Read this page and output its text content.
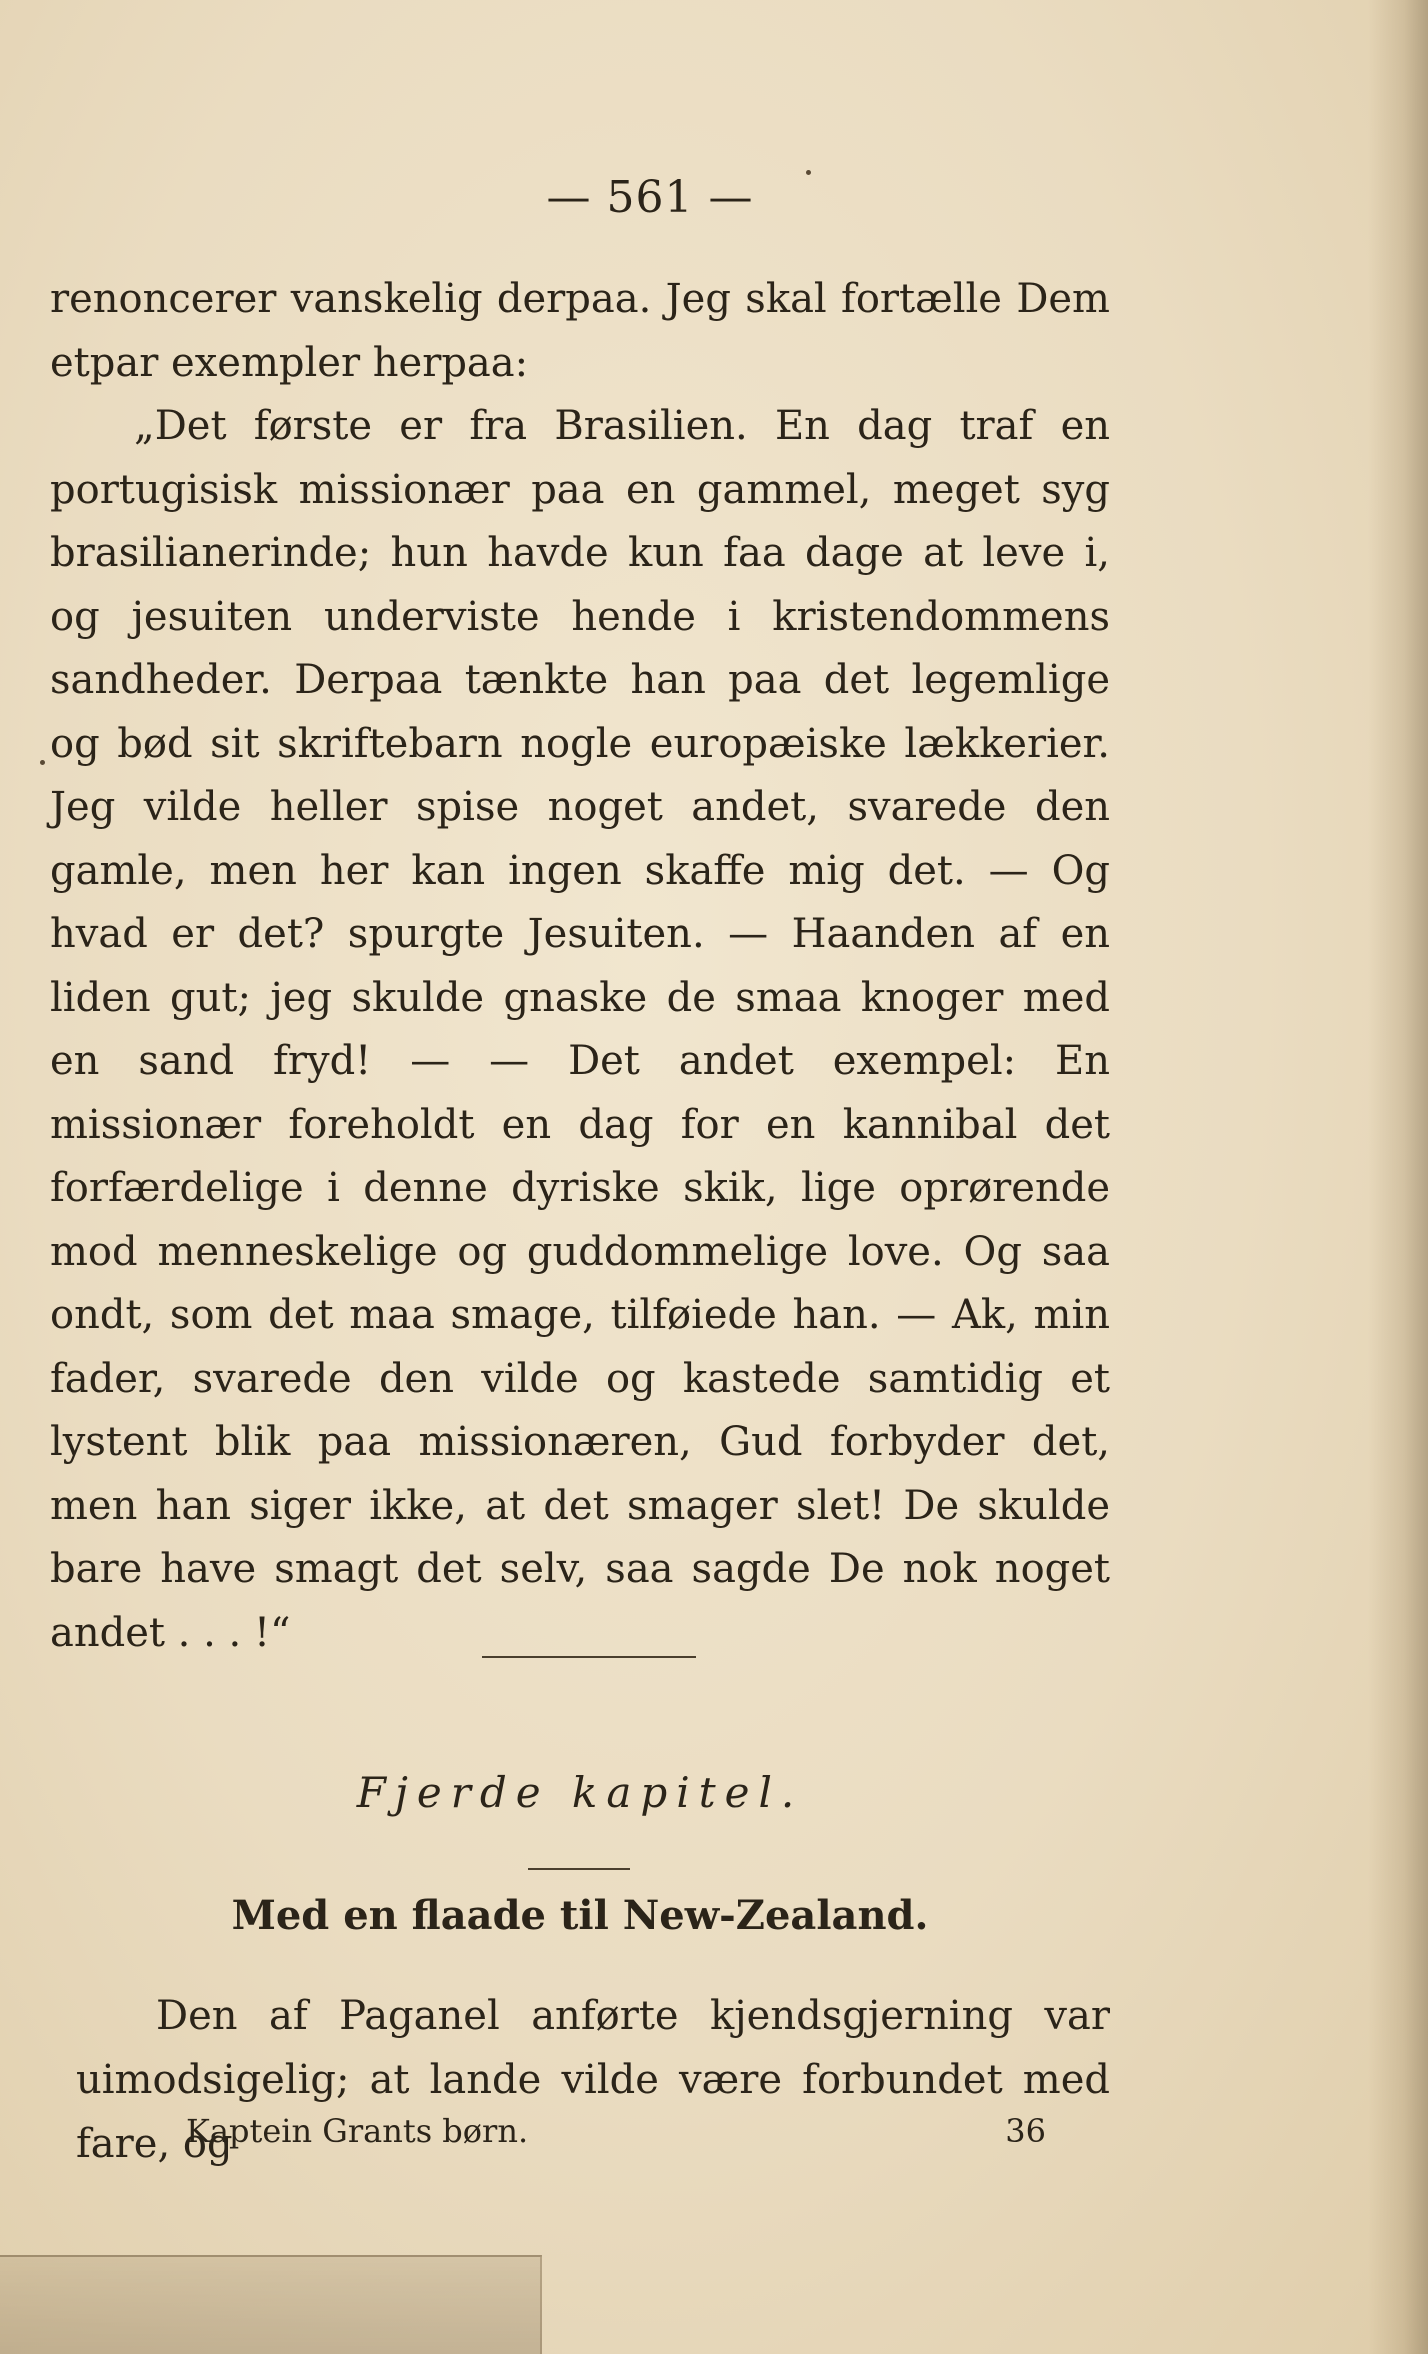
— 561 —

renoncerer vanskelig derpaa. Jeg skal fortælle Dem etpar exempler herpaa:

„Det første er fra Brasilien. En dag traf en portugisisk missionær paa en gammel, meget syg brasilianerinde; hun havde kun faa dage at leve i, og jesuiten underviste hende i kristendommens sandheder. Derpaa tænkte han paa det legemlige og bød sit skriftebarn nogle europæiske lækkerier. Jeg vilde heller spise noget andet, svarede den gamle, men her kan ingen skaffe mig det. — Og hvad er det? spurgte Jesuiten. — Haanden af en liden gut; jeg skulde gnaske de smaa knoger med en sand fryd! — — Det andet exempel: En missionær foreholdt en dag for en kannibal det forfærdelige i denne dyriske skik, lige oprørende mod menneskelige og guddommelige love. Og saa ondt, som det maa smage, tilføiede han. — Ak, min fader, svarede den vilde og kastede samtidig et lystent blik paa missionæren, Gud forbyder det, men han siger ikke, at det smager slet! De skulde bare have smagt det selv, saa sagde De nok noget andet . . . !“

Fjerde kapitel.
Med en flaade til New-Zealand.

Den af Paganel anførte kjendsgjerning var uimodsigelig; at lande vilde være forbundet med fare, og

Kaptein Grants børn.	36
